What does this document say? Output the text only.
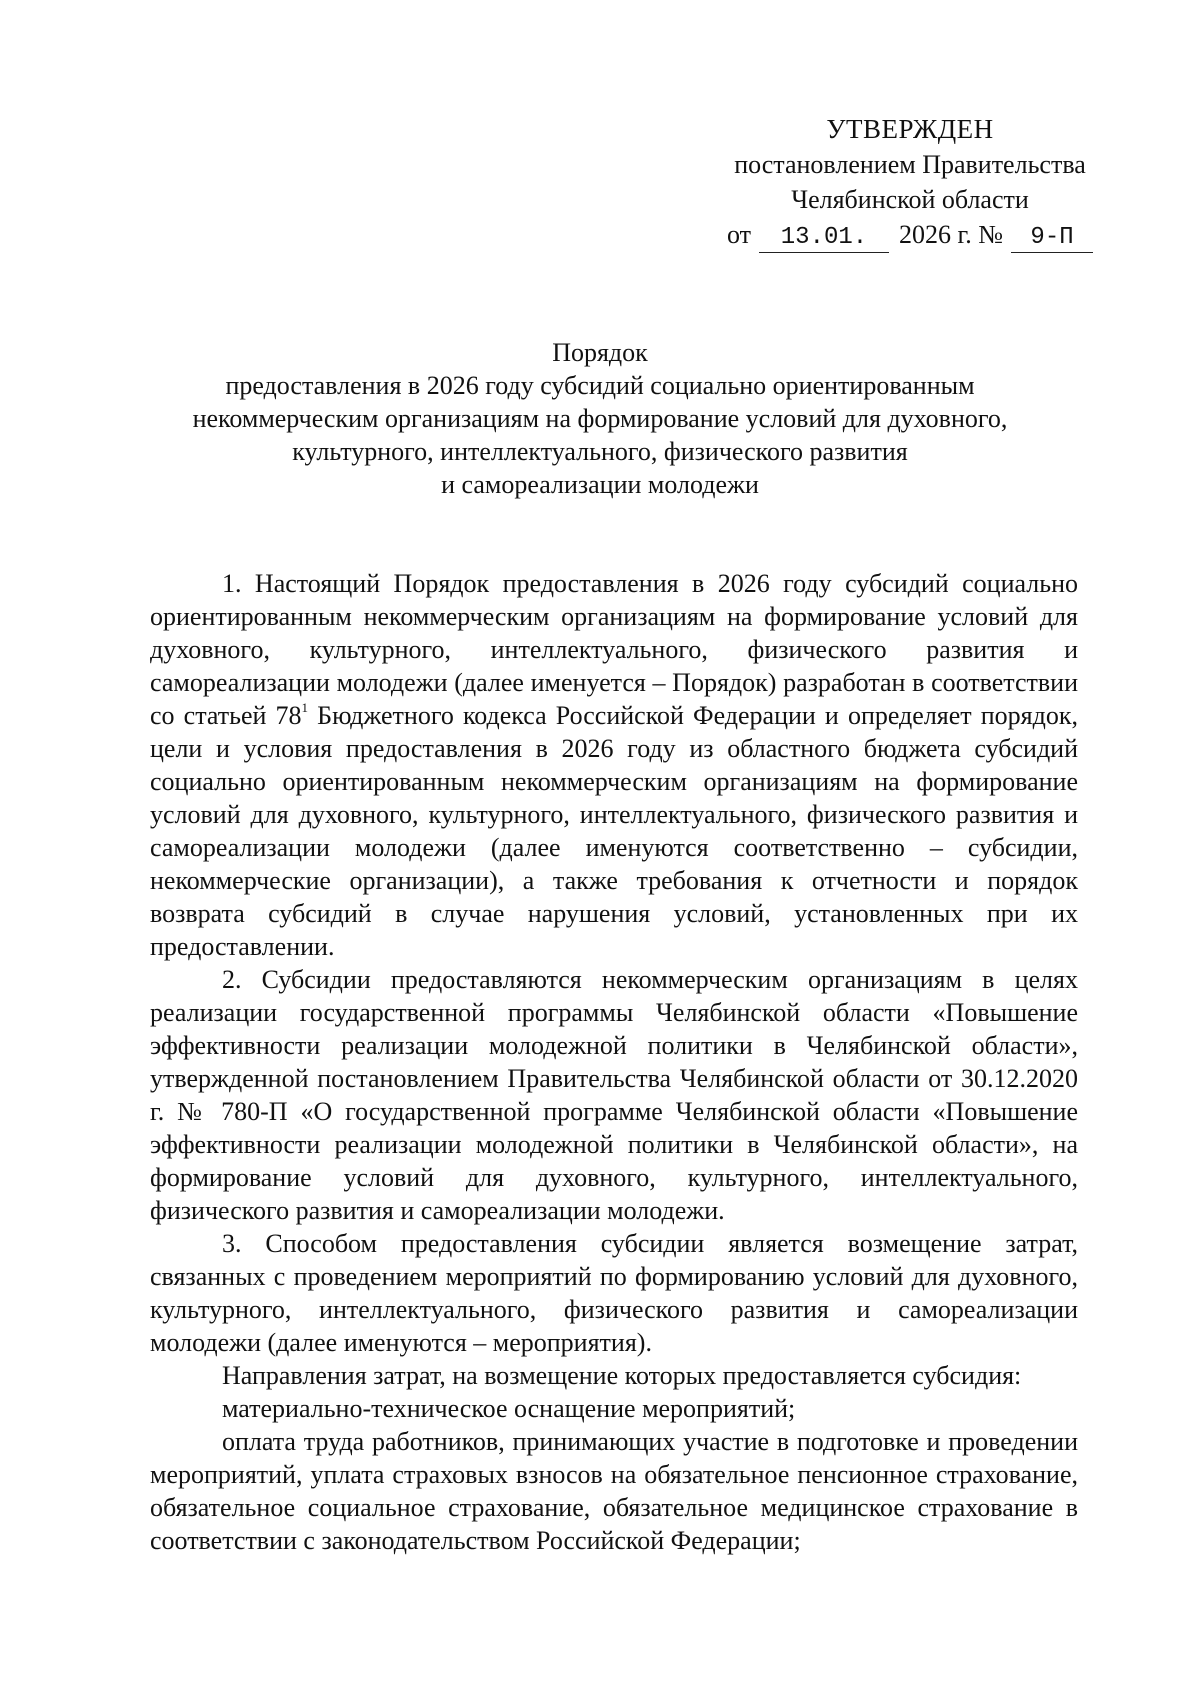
УТВЕРЖДЕН
постановлением Правительства
Челябинской области
от	13.01.	2026 г. №	9-П
Порядок
предоставления в 2026 году субсидий социально ориентированным
некоммерческим организациям на формирование условий для духовного,
культурного, интеллектуального, физического развития
и самореализации молодежи

1. Настоящий Порядок предоставления в 2026 году субсидий социально ориентированным некоммерческим организациям на формирование условий для духовного, культурного, интеллектуального, физического развития и самореализации молодежи (далее именуется – Порядок) разработан в соответствии со статьей $78^1$ Бюджетного кодекса Российской Федерации и определяет порядок, цели и условия предоставления в 2026 году из областного бюджета субсидий социально ориентированным некоммерческим организациям на формирование условий для духовного, культурного, интеллектуального, физического развития и самореализации молодежи (далее именуются соответственно – субсидии, некоммерческие организации), а также требования к отчетности и порядок возврата субсидий в случае нарушения условий, установленных при их предоставлении.

2. Субсидии предоставляются некоммерческим организациям в целях реализации государственной программы Челябинской области «Повышение эффективности реализации молодежной политики в Челябинской области», утвержденной постановлением Правительства Челябинской области от 30.12.2020 г. № 780-П «О государственной программе Челябинской области «Повышение эффективности реализации молодежной политики в Челябинской области», на формирование условий для духовного, культурного, интеллектуального, физического развития и самореализации молодежи.

3. Способом предоставления субсидии является возмещение затрат, связанных с проведением мероприятий по формированию условий для духовного, культурного, интеллектуального, физического развития и самореализации молодежи (далее именуются – мероприятия).

Направления затрат, на возмещение которых предоставляется субсидия:

материально-техническое оснащение мероприятий;

оплата труда работников, принимающих участие в подготовке и проведении мероприятий, уплата страховых взносов на обязательное пенсионное страхование, обязательное социальное страхование, обязательное медицинское страхование в соответствии с законодательством Российской Федерации;
